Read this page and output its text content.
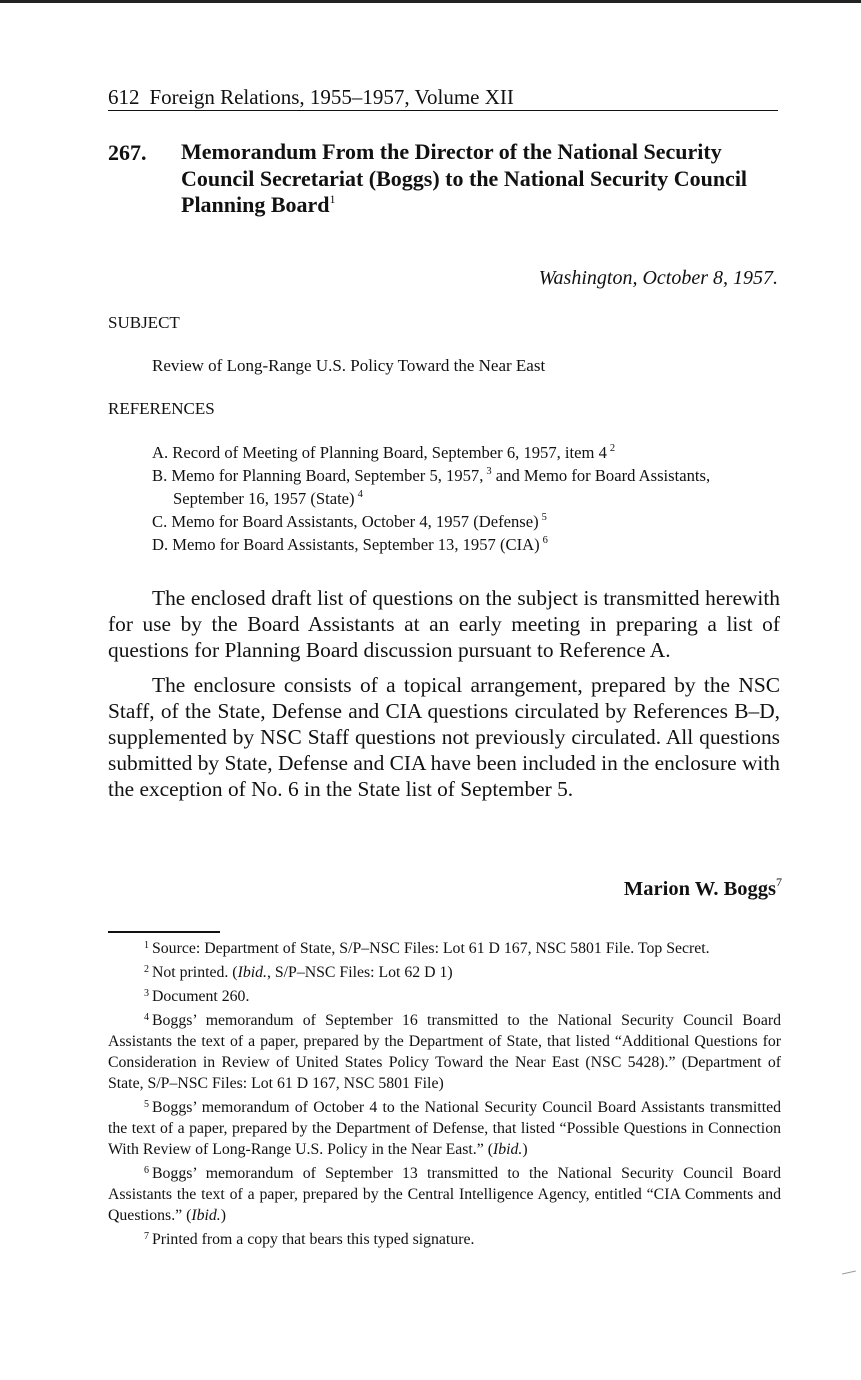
612 Foreign Relations, 1955–1957, Volume XII
267. Memorandum From the Director of the National Security Council Secretariat (Boggs) to the National Security Council Planning Board$^1$
Washington, October 8, 1957.
SUBJECT
Review of Long-Range U.S. Policy Toward the Near East
REFERENCES

A. Record of Meeting of Planning Board, September 6, 1957, item 4 $^2$

B. Memo for Planning Board, September 5, 1957, $^3$ and Memo for Board Assistants, September 16, 1957 (State) $^4$

C. Memo for Board Assistants, October 4, 1957 (Defense) $^5$

D. Memo for Board Assistants, September 13, 1957 (CIA) $^6$

The enclosed draft list of questions on the subject is transmitted herewith for use by the Board Assistants at an early meeting in preparing a list of questions for Planning Board discussion pursuant to Reference A.

The enclosure consists of a topical arrangement, prepared by the NSC Staff, of the State, Defense and CIA questions circulated by References B–D, supplemented by NSC Staff questions not previously circulated. All questions submitted by State, Defense and CIA have been included in the enclosure with the exception of No. 6 in the State list of September 5.

Marion W. Boggs$^7$

$^1$ Source: Department of State, S/P–NSC Files: Lot 61 D 167, NSC 5801 File. Top Secret.

$^2$ Not printed. (Ibid., S/P–NSC Files: Lot 62 D 1)

$^3$ Document 260.

$^4$ Boggs’ memorandum of September 16 transmitted to the National Security Council Board Assistants the text of a paper, prepared by the Department of State, that listed “Additional Questions for Consideration in Review of United States Policy Toward the Near East (NSC 5428).” (Department of State, S/P–NSC Files: Lot 61 D 167, NSC 5801 File)

$^5$ Boggs’ memorandum of October 4 to the National Security Council Board Assistants transmitted the text of a paper, prepared by the Department of Defense, that listed “Possible Questions in Connection With Review of Long-Range U.S. Policy in the Near East.” (Ibid.)

$^6$ Boggs’ memorandum of September 13 transmitted to the National Security Council Board Assistants the text of a paper, prepared by the Central Intelligence Agency, entitled “CIA Comments and Questions.” (Ibid.)

$^7$ Printed from a copy that bears this typed signature.
